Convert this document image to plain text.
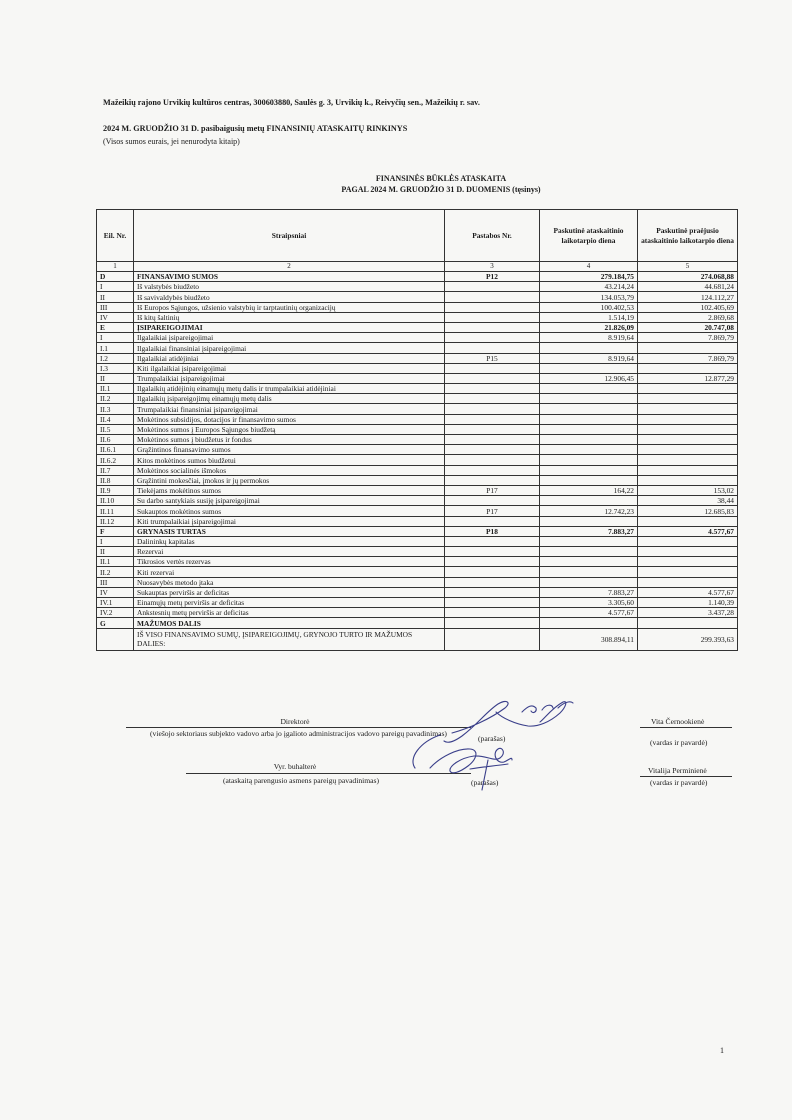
Mažeikių rajono Urvikių kultūros centras, 300603880, Saulės g. 3, Urvikių k., Reivyčių sen., Mažeikių r. sav.
2024 M. GRUODŽIO 31 D. pasibaigusių metų FINANSINIŲ ATASKAITŲ RINKINYS
(Visos sumos eurais, jei nenurodyta kitaip)
FINANSINĖS BŪKLĖS ATASKAITA
PAGAL 2024 M. GRUODŽIO 31 D. DUOMENIS (tęsinys)
Eil. Nr.	Straipsniai	Pastabos Nr.	Paskutinė ataskaitinio laikotarpio diena	Paskutinė praėjusio ataskaitinio laikotarpio diena
1	2	3	4	5
D	FINANSAVIMO SUMOS	P12	279.184,75	274.068,88
I	Iš valstybės biudžeto		43.214,24	44.681,24
II	Iš savivaldybės biudžeto		134.053,79	124.112,27
III	Iš Europos Sąjungos, užsienio valstybių ir tarptautinių organizacijų		100.402,53	102.405,69
IV	Iš kitų šaltinių		1.514,19	2.869,68
E	ĮSIPAREIGOJIMAI		21.826,09	20.747,08
I	Ilgalaikiai įsipareigojimai		8.919,64	7.869,79
I.1	Ilgalaikiai finansiniai įsipareigojimai			
I.2	Ilgalaikiai atidėjiniai	P15	8.919,64	7.869,79
I.3	Kiti ilgalaikiai įsipareigojimai			
II	Trumpalaikiai įsipareigojimai		12.906,45	12.877,29
II.1	Ilgalaikių atidėjinių einamųjų metų dalis ir trumpalaikiai atidėjiniai			
II.2	Ilgalaikių įsipareigojimų einamųjų metų dalis			
II.3	Trumpalaikiai finansiniai įsipareigojimai			
II.4	Mokėtinos subsidijos, dotacijos ir finansavimo sumos			
II.5	Mokėtinos sumos į Europos Sąjungos biudžetą			
II.6	Mokėtinos sumos į biudžetus ir fondus			
II.6.1	Grąžintinos finansavimo sumos			
II.6.2	Kitos mokėtinos sumos biudžetui			
II.7	Mokėtinos socialinės išmokos			
II.8	Grąžintini mokesčiai, įmokos ir jų permokos			
II.9	Tiekėjams mokėtinos sumos	P17	164,22	153,02
II.10	Su darbo santykiais susiję įsipareigojimai			38,44
II.11	Sukauptos mokėtinos sumos	P17	12.742,23	12.685,83
II.12	Kiti trumpalaikiai įsipareigojimai			
F	GRYNASIS TURTAS	P18	7.883,27	4.577,67
I	Dalininkų kapitalas			
II	Rezervai			
II.1	Tikrosios vertės rezervas			
II.2	Kiti rezervai			
III	Nuosavybės metodo įtaka			
IV	Sukauptas perviršis ar deficitas		7.883,27	4.577,67
IV.1	Einamųjų metų perviršis ar deficitas		3.305,60	1.140,39
IV.2	Ankstesnių metų perviršis ar deficitas		4.577,67	3.437,28
G	MAŽUMOS DALIS			
	IŠ VISO FINANSAVIMO SUMŲ, ĮSIPAREIGOJIMŲ, GRYNOJO TURTO IR MAŽUMOS DALIES:		308.894,11	299.393,63
Direktorė
(viešojo sektoriaus subjekto vadovo arba jo įgalioto administracijos vadovo pareigų pavadinimas)
(parašas)
Vita Černookienė
(vardas ir pavardė)
Vyr. buhalterė
(ataskaitą parengusio asmens pareigų pavadinimas)	(parašas)
Vitalija Perminienė
(vardas ir pavardė)
1
